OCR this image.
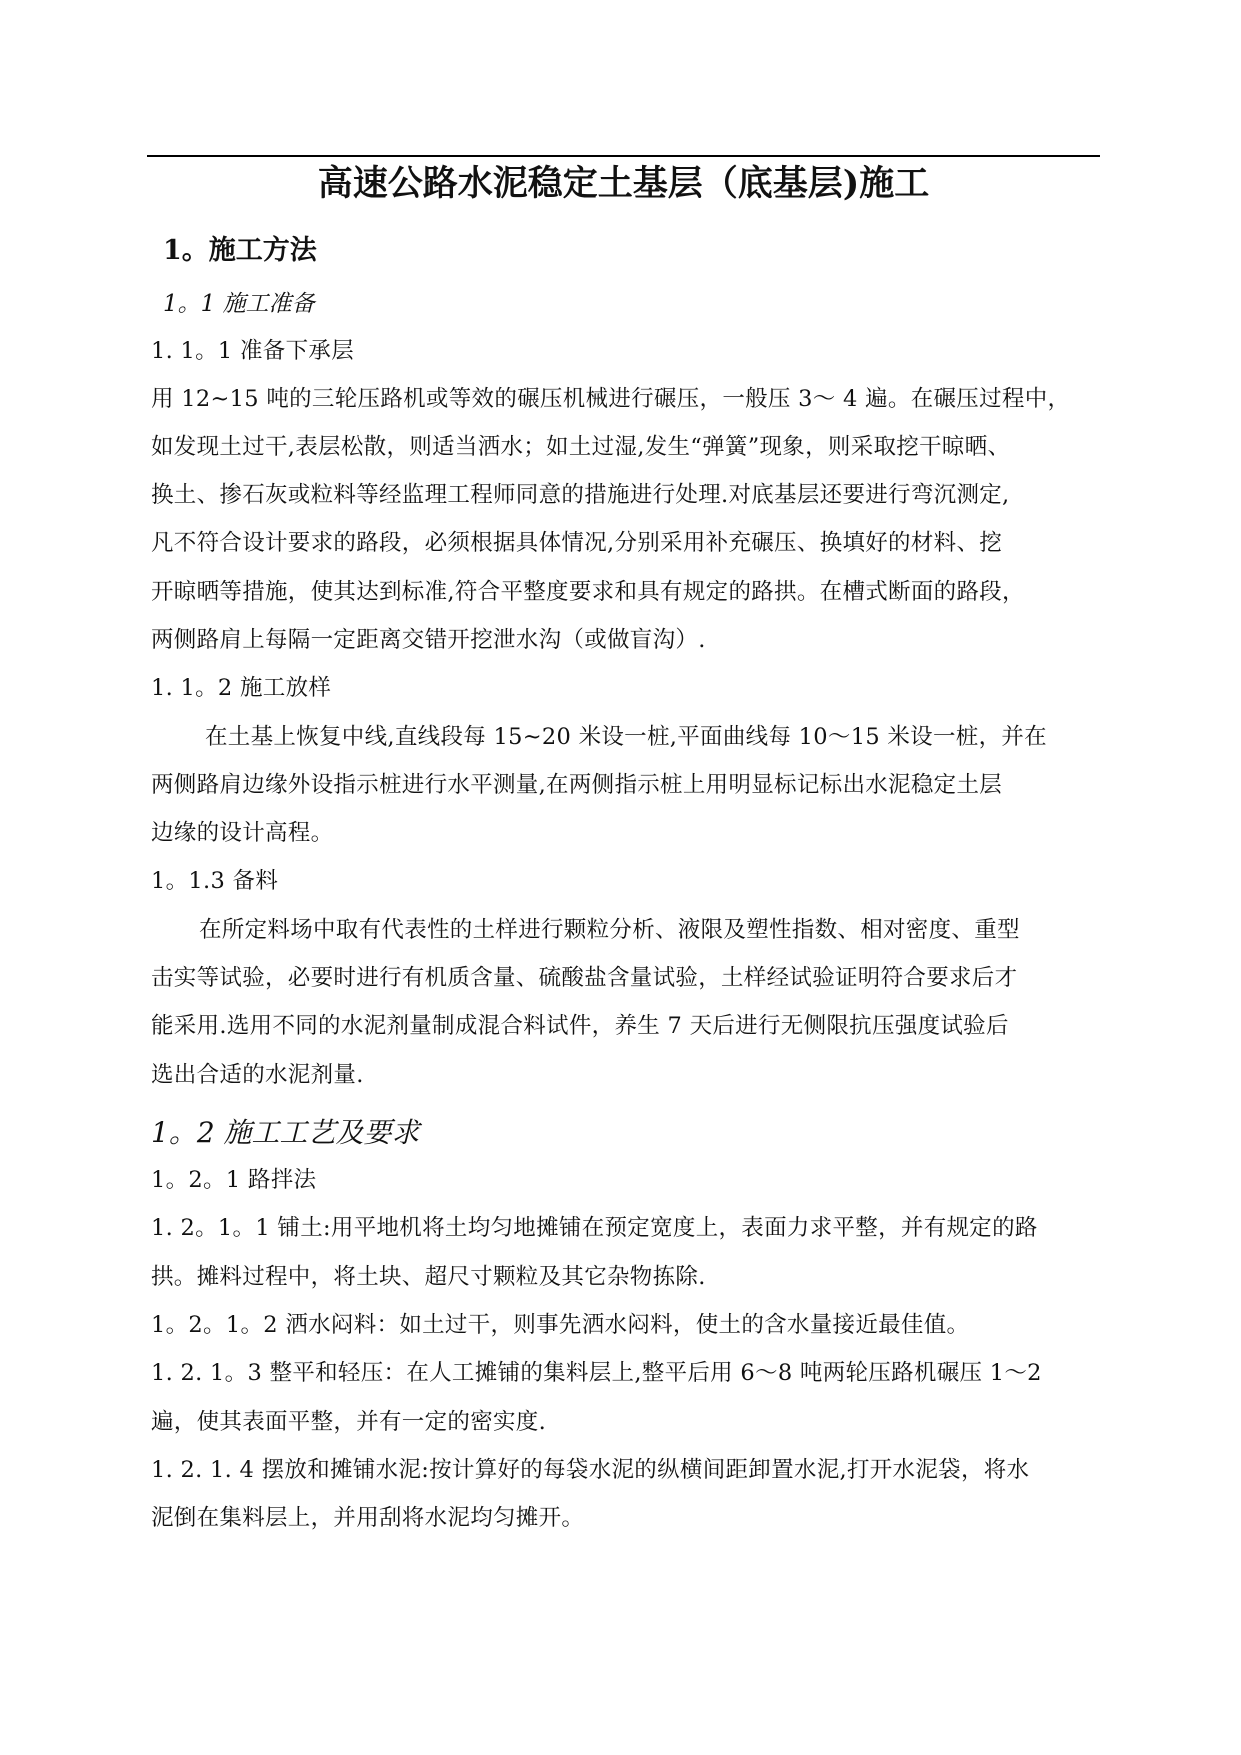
高速公路水泥稳定土基层（底基层)施工
1。施工方法
1。1 施工准备
1. 1。1 准备下承层
用 12~15 吨的三轮压路机或等效的碾压机械进行碾压，一般压 3～ 4 遍。在碾压过程中，
如发现土过干,表层松散，则适当洒水；如土过湿,发生“弹簧”现象，则采取挖干晾晒、
换土、掺石灰或粒料等经监理工程师同意的措施进行处理.对底基层还要进行弯沉测定,
凡不符合设计要求的路段，必须根据具体情况,分别采用补充碾压、换填好的材料、挖
开晾晒等措施，使其达到标准,符合平整度要求和具有规定的路拱。在槽式断面的路段，
两侧路肩上每隔一定距离交错开挖泄水沟（或做盲沟）.
1. 1。2 施工放样
在土基上恢复中线,直线段每 15~20 米设一桩,平面曲线每 10～15 米设一桩，并在
两侧路肩边缘外设指示桩进行水平测量,在两侧指示桩上用明显标记标出水泥稳定土层
边缘的设计高程。
1。1.3 备料
在所定料场中取有代表性的土样进行颗粒分析、液限及塑性指数、相对密度、重型
击实等试验，必要时进行有机质含量、硫酸盐含量试验，土样经试验证明符合要求后才
能采用.选用不同的水泥剂量制成混合料试件，养生 7 天后进行无侧限抗压强度试验后
选出合适的水泥剂量.
1。2 施工工艺及要求
1。2。1 路拌法
1. 2。1。1 铺土:用平地机将土均匀地摊铺在预定宽度上，表面力求平整，并有规定的路
拱。摊料过程中，将土块、超尺寸颗粒及其它杂物拣除.
1。2。1。2 洒水闷料：如土过干，则事先洒水闷料，使土的含水量接近最佳值。
1. 2. 1。3 整平和轻压：在人工摊铺的集料层上,整平后用 6～8 吨两轮压路机碾压 1～2
遍，使其表面平整，并有一定的密实度.
1. 2. 1. 4 摆放和摊铺水泥:按计算好的每袋水泥的纵横间距卸置水泥,打开水泥袋，将水
泥倒在集料层上，并用刮将水泥均匀摊开。
